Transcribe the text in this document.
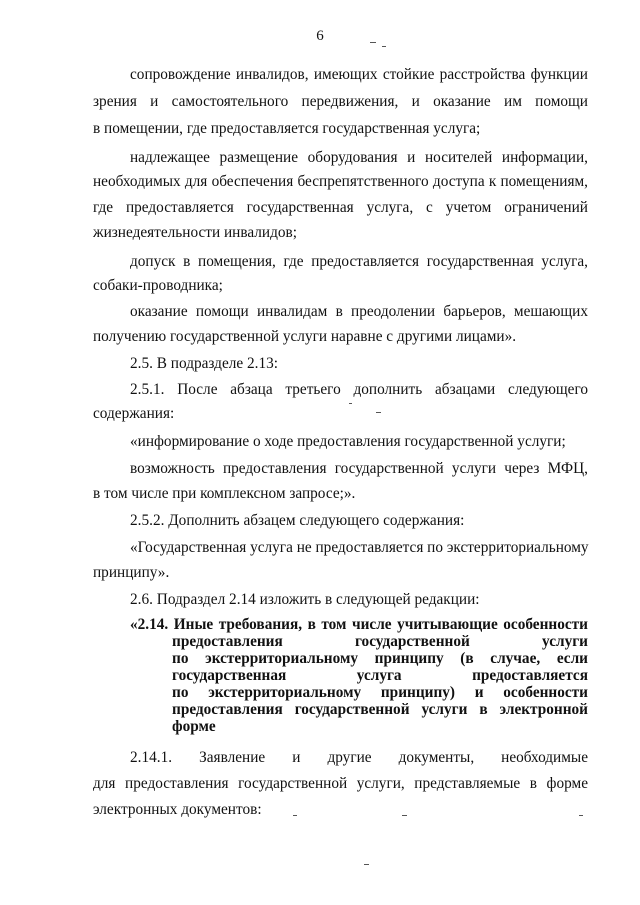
6
сопровождение инвалидов, имеющих стойкие расстройства функции
зрения и самостоятельного передвижения, и оказание им помощи
в помещении, где предоставляется государственная услуга;
надлежащее размещение оборудования и носителей информации,
необходимых для обеспечения беспрепятственного доступа к помещениям,
где предоставляется государственная услуга, с учетом ограничений
жизнедеятельности инвалидов;
допуск в помещения, где предоставляется государственная услуга,
собаки-проводника;
оказание помощи инвалидам в преодолении барьеров, мешающих
получению государственной услуги наравне с другими лицами».
2.5. В подразделе 2.13:
2.5.1. После абзаца третьего дополнить абзацами следующего
содержания:
«информирование о ходе предоставления государственной услуги;
возможность предоставления государственной услуги через МФЦ,
в том числе при комплексном запросе;».
2.5.2. Дополнить абзацем следующего содержания:
«Государственная услуга не предоставляется по экстерриториальному
принципу».
2.6. Подраздел 2.14 изложить в следующей редакции:
«2.14. Иные требования, в том числе учитывающие особенности
предоставления государственной услуги
по экстерриториальному принципу (в случае, если
государственная услуга предоставляется
по экстерриториальному принципу) и особенности
предоставления государственной услуги в электронной
форме
2.14.1. Заявление и другие документы, необходимые
для предоставления государственной услуги, представляемые в форме
электронных документов:
